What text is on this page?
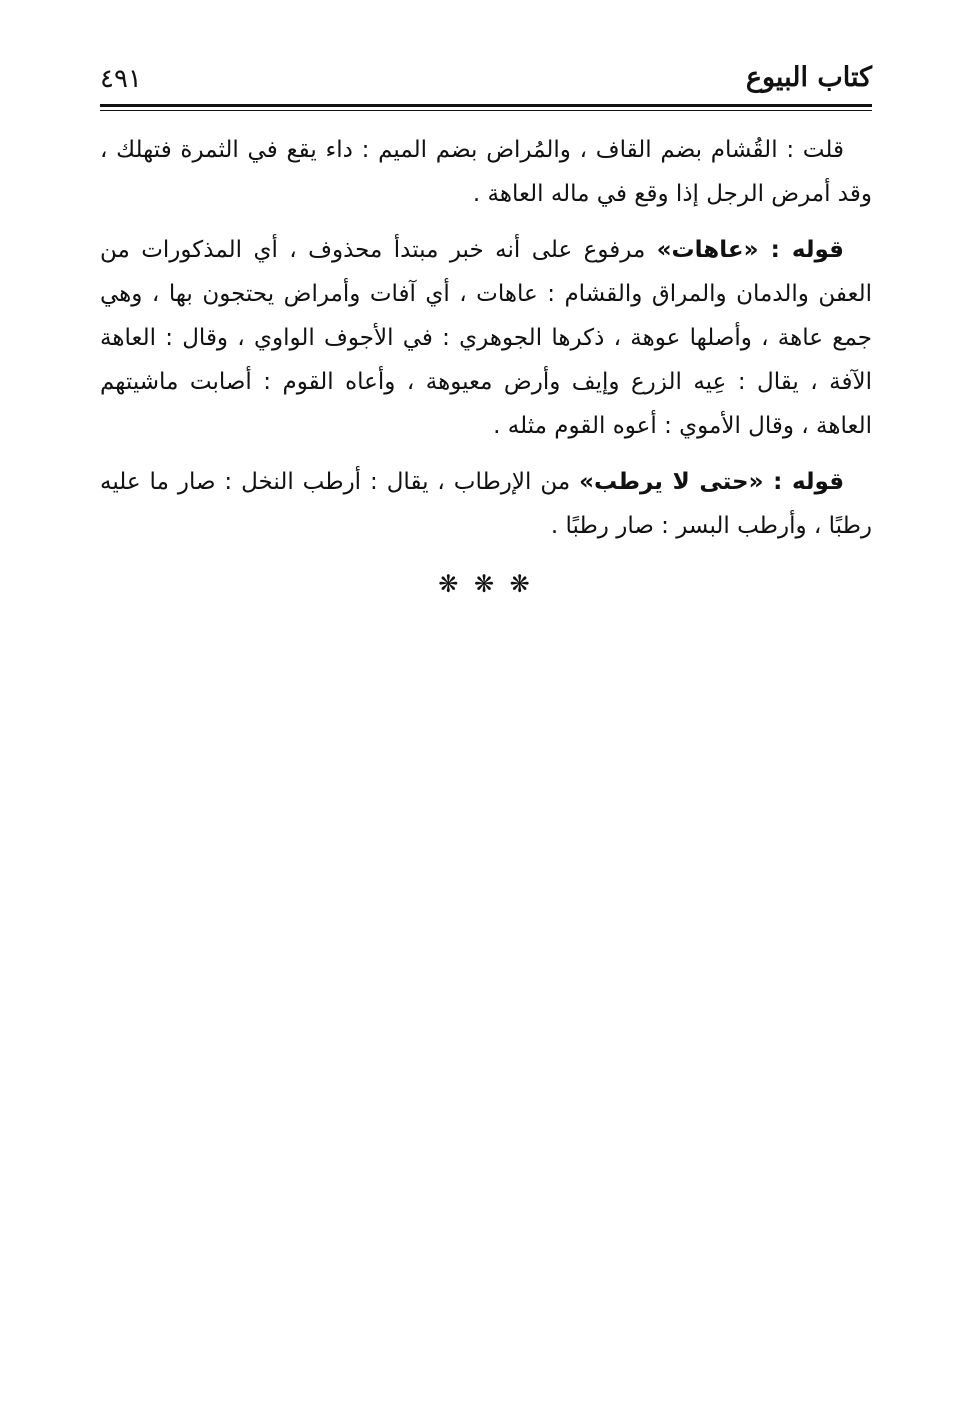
كتاب البيوع
٤٩١

قلت : القُشام بضم القاف ، والمُراض بضم الميم : داء يقع في الثمرة فتهلك ، وقد أمرض الرجل إذا وقع في ماله العاهة .

قوله : «عاهات» مرفوع على أنه خبر مبتدأ محذوف ، أي المذكورات من العفن والدمان والمراق والقشام : عاهات ، أي آفات وأمراض يحتجون بها ، وهي جمع عاهة ، وأصلها عوهة ، ذكرها الجوهري : في الأجوف الواوي ، وقال : العاهة الآفة ، يقال : عِيه الزرع وإيف وأرض معيوهة ، وأعاه القوم : أصابت ماشيتهم العاهة ، وقال الأموي : أعوه القوم مثله .

قوله : «حتى لا يرطب» من الإرطاب ، يقال : أرطب النخل : صار ما عليه رطبًا ، وأرطب البسر : صار رطبًا .

❋ ❋ ❋
